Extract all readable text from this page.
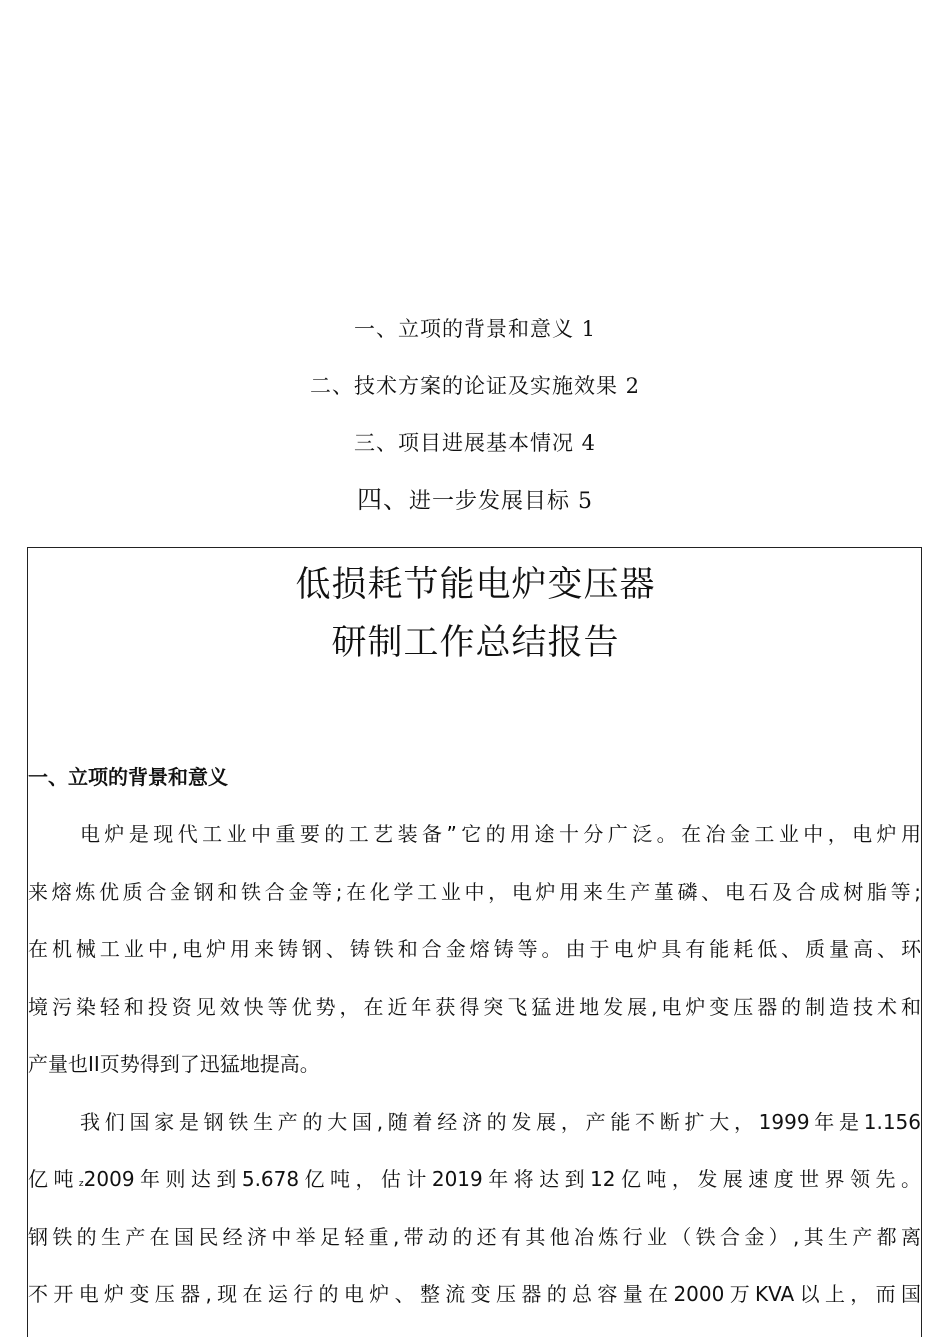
一、立项的背景和意义 1
二、技术方案的论证及实施效果 2
三、项目进展基本情况 4
四、进一步发展目标 5
低损耗节能电炉变压器
研制工作总结报告
一、立项的背景和意义
电炉是现代工业中重要的工艺装备”它的用途十分广泛。在冶金工业中，电炉用
来熔炼优质合金钢和铁合金等;在化学工业中，电炉用来生产堇磷、电石及合成树脂等;
在机械工业中,电炉用来铸钢、铸铁和合金熔铸等。由于电炉具有能耗低、质量高、环
境污染轻和投资见效快等优势，在近年获得突飞猛进地发展,电炉变压器的制造技术和
产量也II页势得到了迅猛地提高。
我们国家是钢铁生产的大国,随着经济的发展，产能不断扩大，1999年是1.156
亿吨z2009年则达到5.678亿吨，估计2019年将达到12亿吨，发展速度世界领先。
钢铁的生产在国民经济中举足轻重,带动的还有其他冶炼行业（铁合金）,其生产都离
不开电炉变压器,现在运行的电炉、整流变压器的总容量在2000万KVA以上，而国
